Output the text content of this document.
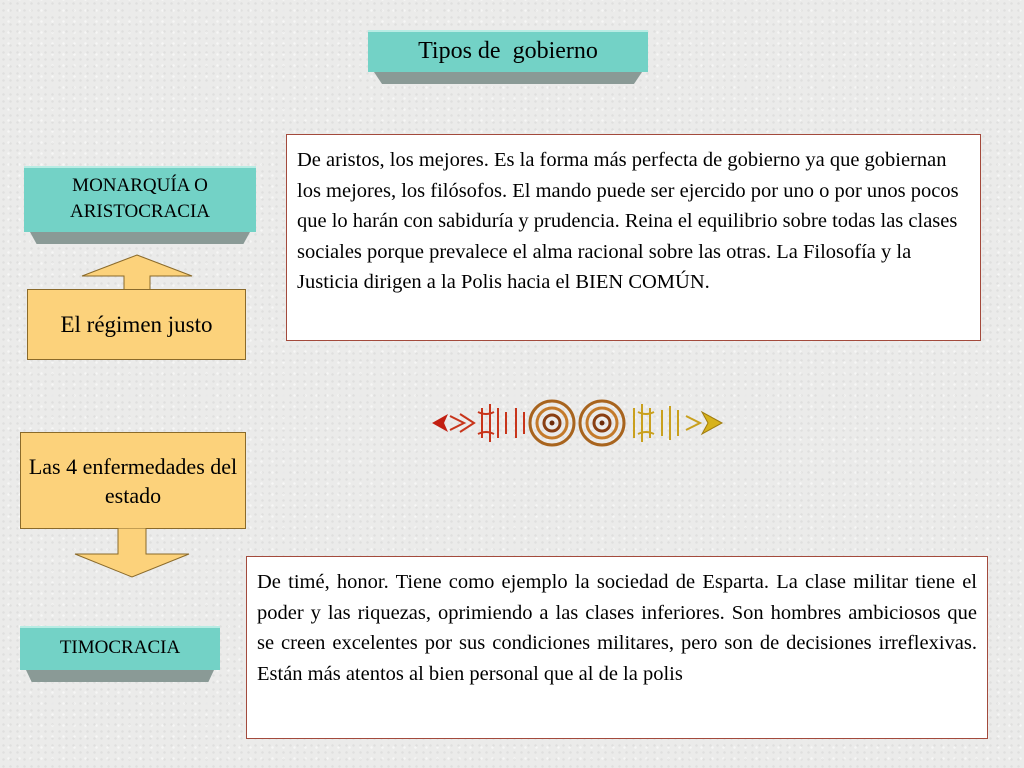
Tipos de  gobierno
MONARQUÍA O ARISTOCRACIA
El régimen justo
De aristos, los mejores. Es la forma más perfecta de gobierno ya que gobiernan los mejores, los filósofos. El mando puede ser ejercido por uno o por unos pocos que lo harán con sabiduría y prudencia. Reina el equilibrio sobre todas las clases sociales porque prevalece el alma racional sobre las otras. La Filosofía y la Justicia dirigen a la Polis hacia el BIEN COMÚN.
Las 4 enfermedades del estado
TIMOCRACIA
De timé, honor. Tiene como ejemplo la sociedad de Esparta. La clase militar tiene el poder y las riquezas, oprimiendo a las clases inferiores. Son hombres ambiciosos que se creen excelentes por sus condiciones militares, pero son de decisiones irreflexivas. Están más atentos al bien personal que al de la polis
